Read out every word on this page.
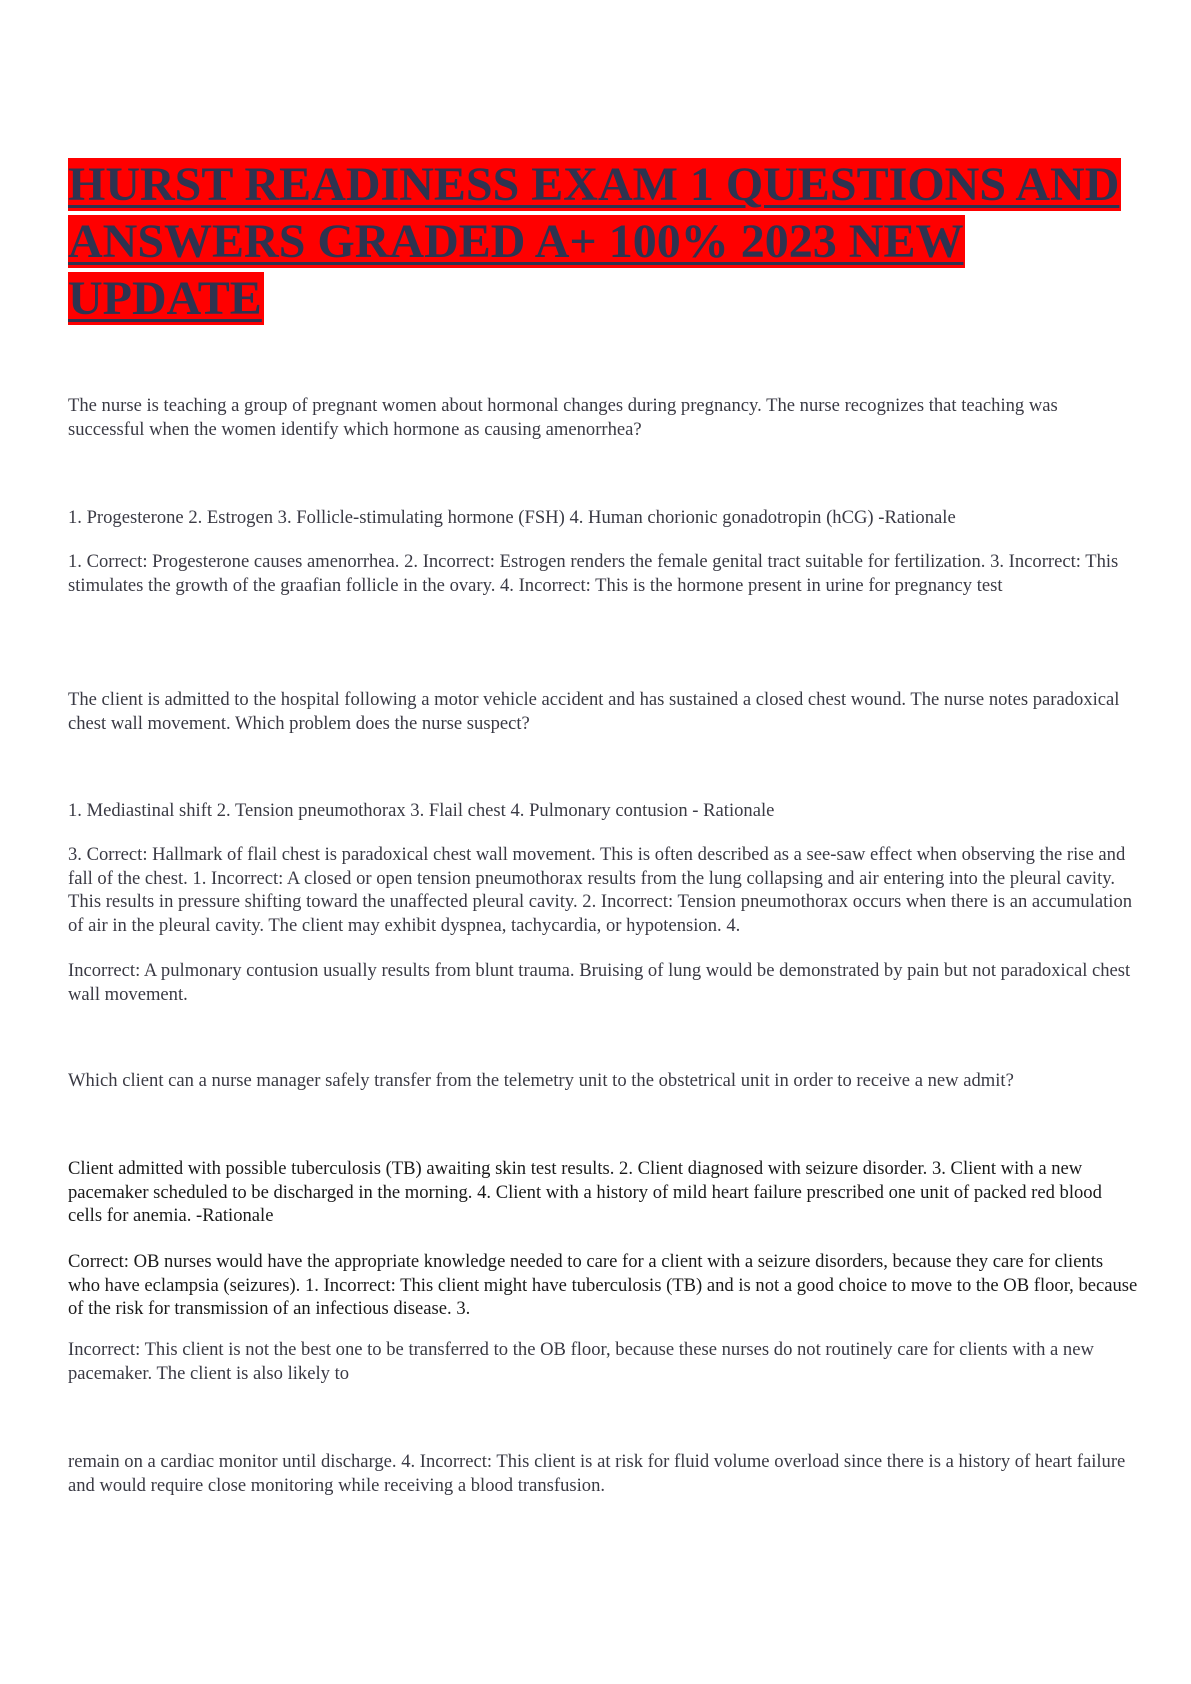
HURST READINESS EXAM 1 QUESTIONS AND ANSWERS GRADED A+ 100% 2023 NEW UPDATE

The nurse is teaching a group of pregnant women about hormonal changes during pregnancy. The nurse recognizes that teaching was successful when the women identify which hormone as causing amenorrhea?

1. Progesterone 2. Estrogen 3. Follicle-stimulating hormone (FSH) 4. Human chorionic gonadotropin (hCG) -Rationale

1. Correct: Progesterone causes amenorrhea. 2. Incorrect: Estrogen renders the female genital tract suitable for fertilization. 3. Incorrect: This stimulates the growth of the graafian follicle in the ovary. 4. Incorrect: This is the hormone present in urine for pregnancy test

The client is admitted to the hospital following a motor vehicle accident and has sustained a closed chest wound. The nurse notes paradoxical chest wall movement. Which problem does the nurse suspect?

1. Mediastinal shift 2. Tension pneumothorax 3. Flail chest 4. Pulmonary contusion - Rationale

3. Correct: Hallmark of flail chest is paradoxical chest wall movement. This is often described as a see-saw effect when observing the rise and fall of the chest. 1. Incorrect: A closed or open tension pneumothorax results from the lung collapsing and air entering into the pleural cavity. This results in pressure shifting toward the unaffected pleural cavity. 2. Incorrect: Tension pneumothorax occurs when there is an accumulation of air in the pleural cavity. The client may exhibit dyspnea, tachycardia, or hypotension. 4.

Incorrect: A pulmonary contusion usually results from blunt trauma. Bruising of lung would be demonstrated by pain but not paradoxical chest wall movement.

Which client can a nurse manager safely transfer from the telemetry unit to the obstetrical unit in order to receive a new admit?

Client admitted with possible tuberculosis (TB) awaiting skin test results. 2. Client diagnosed with seizure disorder. 3. Client with a new pacemaker scheduled to be discharged in the morning. 4. Client with a history of mild heart failure prescribed one unit of packed red blood cells for anemia. -Rationale

Correct: OB nurses would have the appropriate knowledge needed to care for a client with a seizure disorders, because they care for clients who have eclampsia (seizures). 1. Incorrect: This client might have tuberculosis (TB) and is not a good choice to move to the OB floor, because of the risk for transmission of an infectious disease. 3.

Incorrect: This client is not the best one to be transferred to the OB floor, because these nurses do not routinely care for clients with a new pacemaker. The client is also likely to

remain on a cardiac monitor until discharge. 4. Incorrect: This client is at risk for fluid volume overload since there is a history of heart failure and would require close monitoring while receiving a blood transfusion.
